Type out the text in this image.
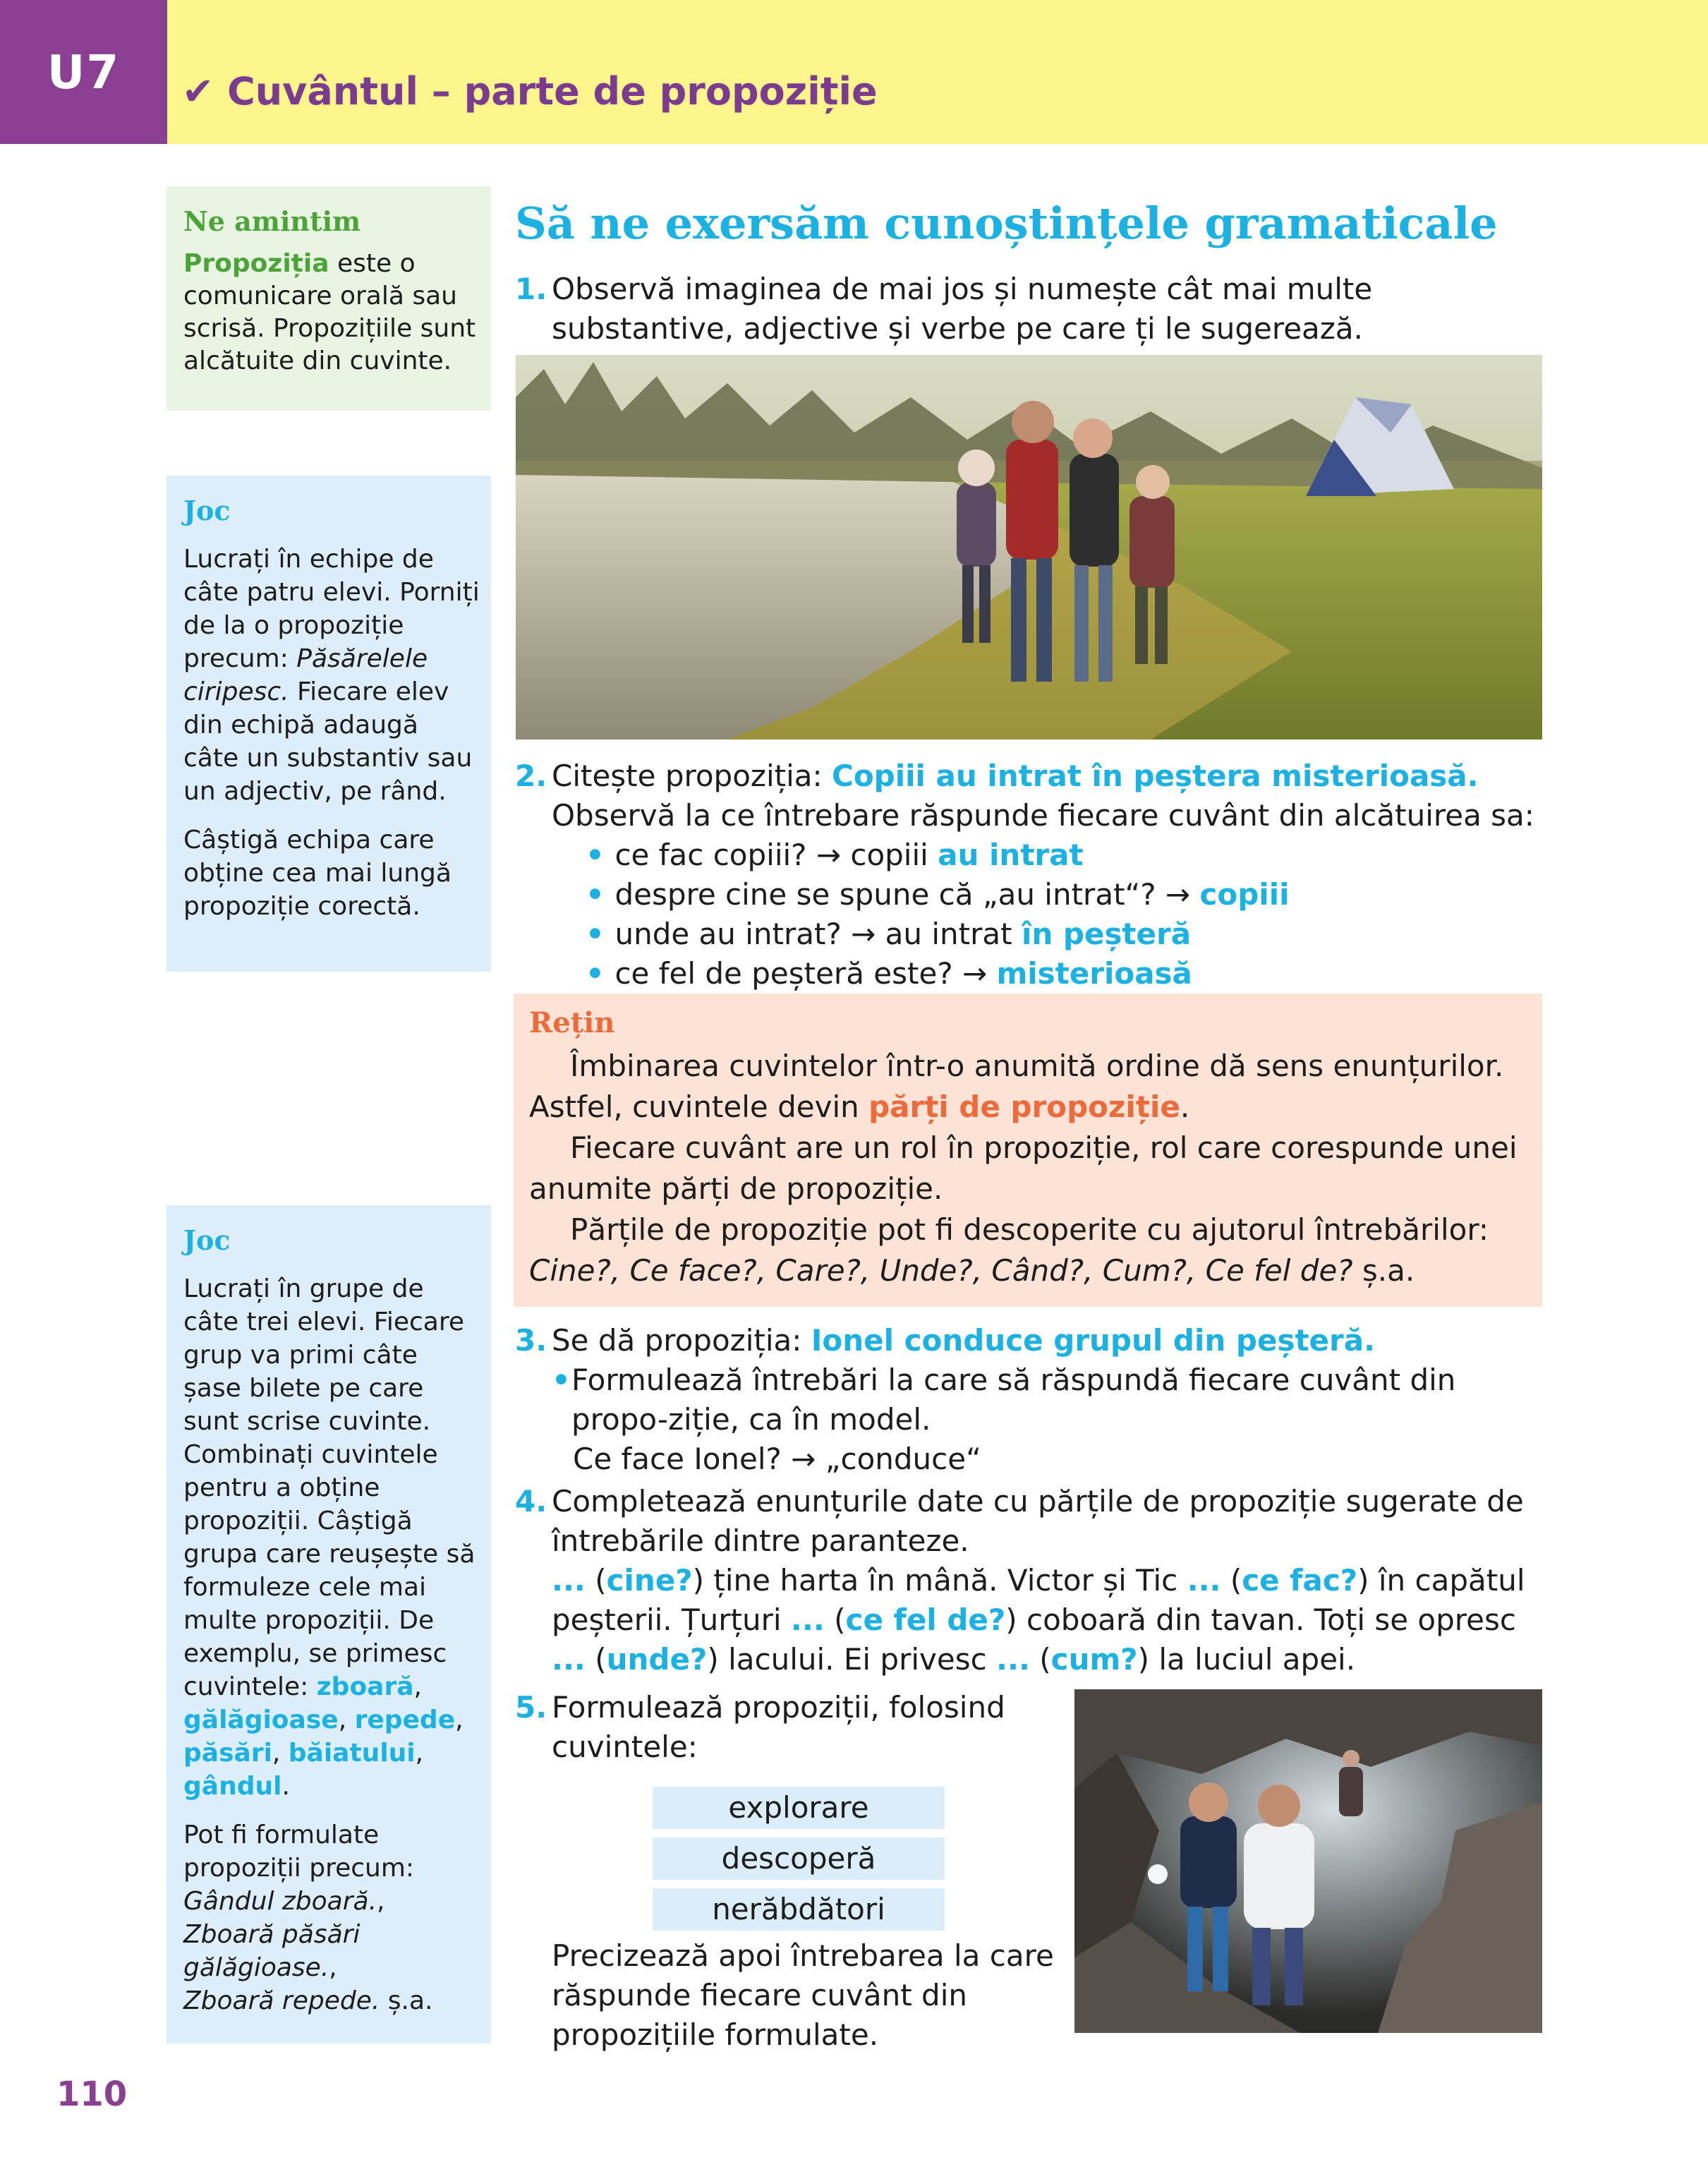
U7	✔ Cuvântul – parte de propoziție
Ne amintim

Propoziția este o comunicare orală sau scrisă. Propozițiile sunt alcătuite din cuvinte.

Joc

Lucrați în echipe de câte patru elevi. Porniți de la o propoziție precum: Păsărelele ciripesc. Fiecare elev din echipă adaugă câte un substantiv sau un adjectiv, pe rând.

Câștigă echipa care obține cea mai lungă propoziție corectă.

Joc

Lucrați în grupe de câte trei elevi. Fiecare grup va primi câte șase bilete pe care sunt scrise cuvinte. Combinați cuvintele pentru a obține propoziții. Câștigă grupa care reușește să formuleze cele mai multe propoziții. De exemplu, se primesc cuvintele: zboară, gălăgioase, repede, păsări, băiatului, gândul.

Pot fi formulate propoziții precum:
Gândul zboară.,
Zboară păsări gălăgioase.,
Zboară repede. ș.a.

Să ne exersăm cunoștințele gramaticale
1. Observă imaginea de mai jos și numește cât mai multe substantive, adjective și verbe pe care ți le sugerează.
2. Citește propoziția: Copiii au intrat în peștera misterioasă.
Observă la ce întrebare răspunde fiecare cuvânt din alcătuirea sa:
• ce fac copiii? → copiii au intrat
• despre cine se spune că „au intrat“? → copiii
• unde au intrat? → au intrat în peșteră
• ce fel de peșteră este? → misterioasă
Rețin
Îmbinarea cuvintelor într-o anumită ordine dă sens enunțurilor. Astfel, cuvintele devin părți de propoziție.
Fiecare cuvânt are un rol în propoziție, rol care corespunde unei anumite părți de propoziție.
Părțile de propoziție pot fi descoperite cu ajutorul întrebărilor: Cine?, Ce face?, Care?, Unde?, Când?, Cum?, Ce fel de? ș.a.
3. Se dă propoziția: Ionel conduce grupul din peșteră.
• Formulează întrebări la care să răspundă fiecare cuvânt din propo-ziție, ca în model.
Ce face Ionel? → „conduce“
4. Completează enunțurile date cu părțile de propoziție sugerate de întrebările dintre paranteze.
... (cine?) ține harta în mână. Victor și Tic ... (ce fac?) în capătul peșterii. Țurțuri ... (ce fel de?) coboară din tavan. Toți se opresc ... (unde?) lacului. Ei privesc ... (cum?) la luciul apei.
5. Formulează propoziții, folosind cuvintele:
explorare
descoperă
nerăbdători
Precizează apoi întrebarea la care răspunde fiecare cuvânt din propozițiile formulate.
110
